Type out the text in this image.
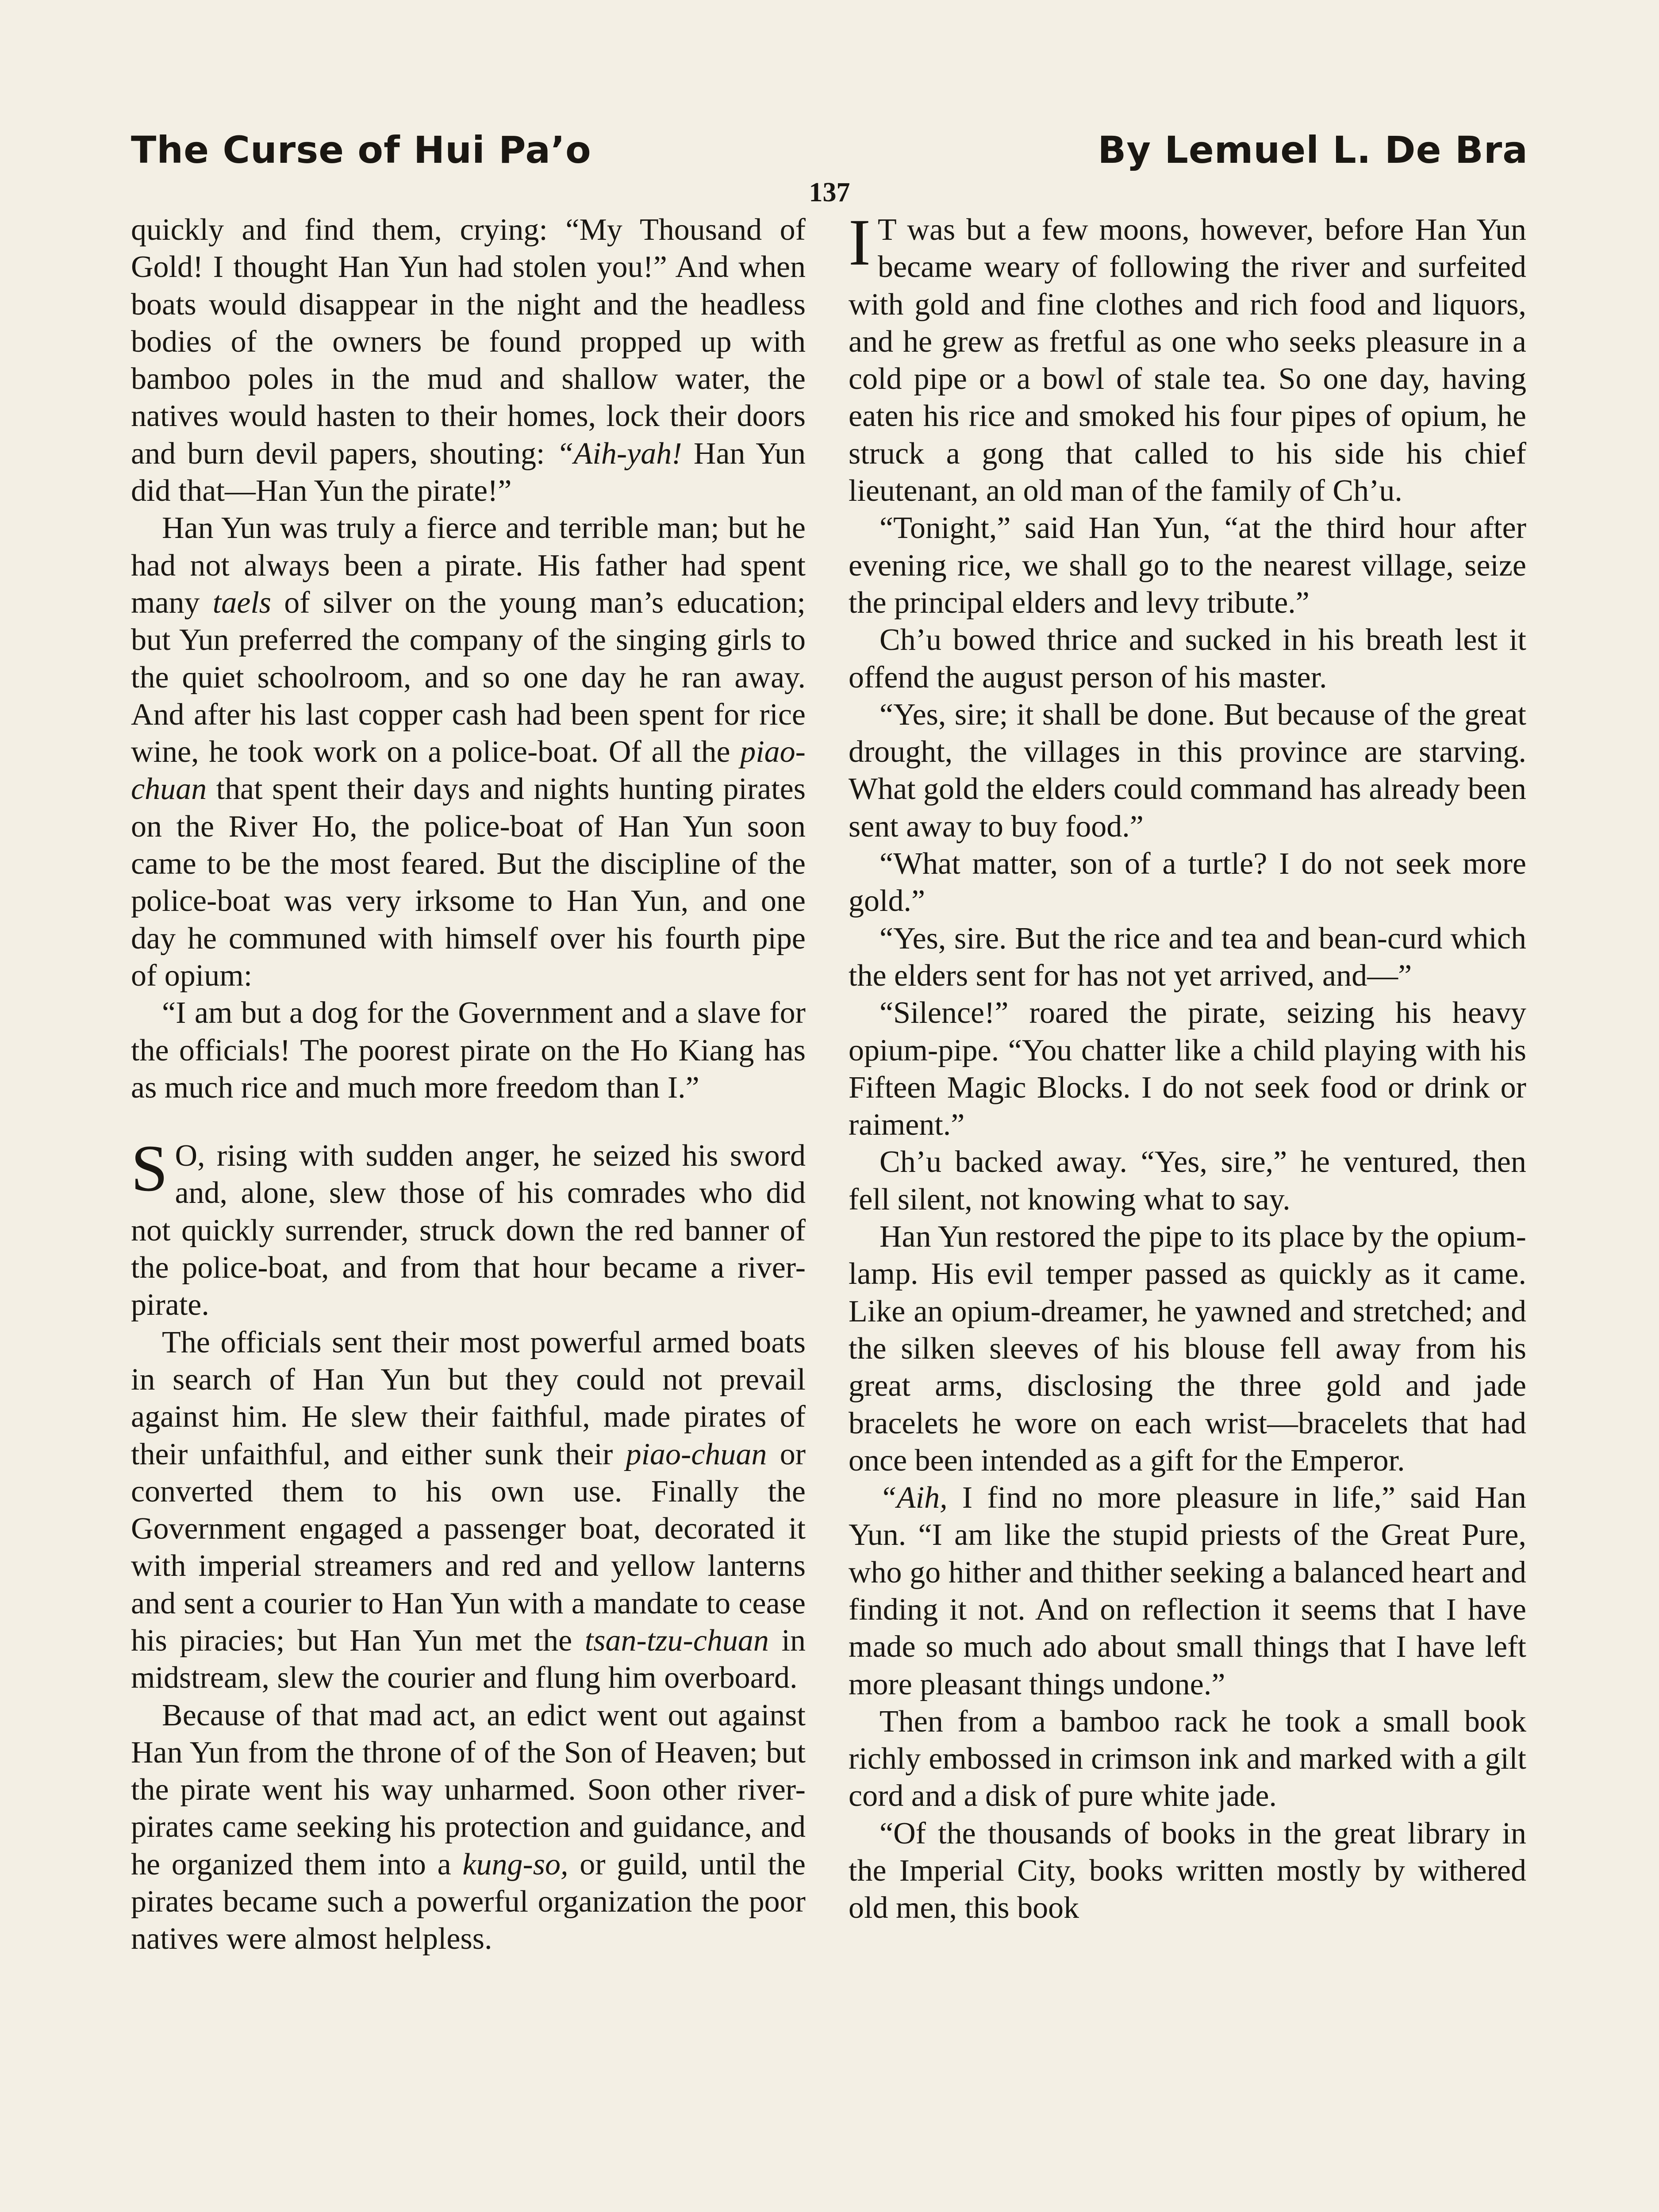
The Curse of Hui Pa’o	By Lemuel L. De Bra
137

quickly and find them, crying: “My Thousand of Gold! I thought Han Yun had stolen you!” And when boats would disappear in the night and the headless bodies of the owners be found propped up with bamboo poles in the mud and shallow water, the natives would hasten to their homes, lock their doors and burn devil papers, shouting: “Aih-yah! Han Yun did that—Han Yun the pirate!”

Han Yun was truly a fierce and terrible man; but he had not always been a pirate. His father had spent many taels of silver on the young man’s education; but Yun preferred the company of the singing girls to the quiet schoolroom, and so one day he ran away. And after his last copper cash had been spent for rice wine, he took work on a police-boat. Of all the piao-chuan that spent their days and nights hunting pirates on the River Ho, the police-boat of Han Yun soon came to be the most feared. But the discipline of the police-boat was very irksome to Han Yun, and one day he communed with himself over his fourth pipe of opium:

“I am but a dog for the Government and a slave for the officials! The poorest pirate on the Ho Kiang has as much rice and much more freedom than I.”

S O, rising with sudden anger, he seized his sword and, alone, slew those of his comrades who did not quickly surrender, struck down the red banner of the police-boat, and from that hour became a river-pirate.

The officials sent their most powerful armed boats in search of Han Yun but they could not prevail against him. He slew their faithful, made pirates of their unfaithful, and either sunk their piao-chuan or converted them to his own use. Finally the Government engaged a passenger boat, decorated it with imperial streamers and red and yellow lanterns and sent a courier to Han Yun with a mandate to cease his piracies; but Han Yun met the tsan-tzu-chuan in midstream, slew the courier and flung him overboard.

Because of that mad act, an edict went out against Han Yun from the throne of of the Son of Heaven; but the pirate went his way unharmed. Soon other river-pirates came seeking his protection and guidance, and he organized them into a kung-so, or guild, until the pirates became such a powerful organization the poor natives were almost helpless.

I T was but a few moons, however, before Han Yun became weary of following the river and surfeited with gold and fine clothes and rich food and liquors, and he grew as fretful as one who seeks pleasure in a cold pipe or a bowl of stale tea. So one day, having eaten his rice and smoked his four pipes of opium, he struck a gong that called to his side his chief lieutenant, an old man of the family of Ch’u.

“Tonight,” said Han Yun, “at the third hour after evening rice, we shall go to the nearest village, seize the principal elders and levy tribute.”

Ch’u bowed thrice and sucked in his breath lest it offend the august person of his master.

“Yes, sire; it shall be done. But because of the great drought, the villages in this province are starving. What gold the elders could command has already been sent away to buy food.”

“What matter, son of a turtle? I do not seek more gold.”

“Yes, sire. But the rice and tea and bean-curd which the elders sent for has not yet arrived, and—”

“Silence!” roared the pirate, seizing his heavy opium-pipe. “You chatter like a child playing with his Fifteen Magic Blocks. I do not seek food or drink or raiment.”

Ch’u backed away. “Yes, sire,” he ventured, then fell silent, not knowing what to say.

Han Yun restored the pipe to its place by the opium-lamp. His evil temper passed as quickly as it came. Like an opium-dreamer, he yawned and stretched; and the silken sleeves of his blouse fell away from his great arms, disclosing the three gold and jade bracelets he wore on each wrist—bracelets that had once been intended as a gift for the Emperor.

“Aih, I find no more pleasure in life,” said Han Yun. “I am like the stupid priests of the Great Pure, who go hither and thither seeking a balanced heart and finding it not. And on reflection it seems that I have made so much ado about small things that I have left more pleasant things undone.”

Then from a bamboo rack he took a small book richly embossed in crimson ink and marked with a gilt cord and a disk of pure white jade.

“Of the thousands of books in the great library in the Imperial City, books written mostly by withered old men, this book
